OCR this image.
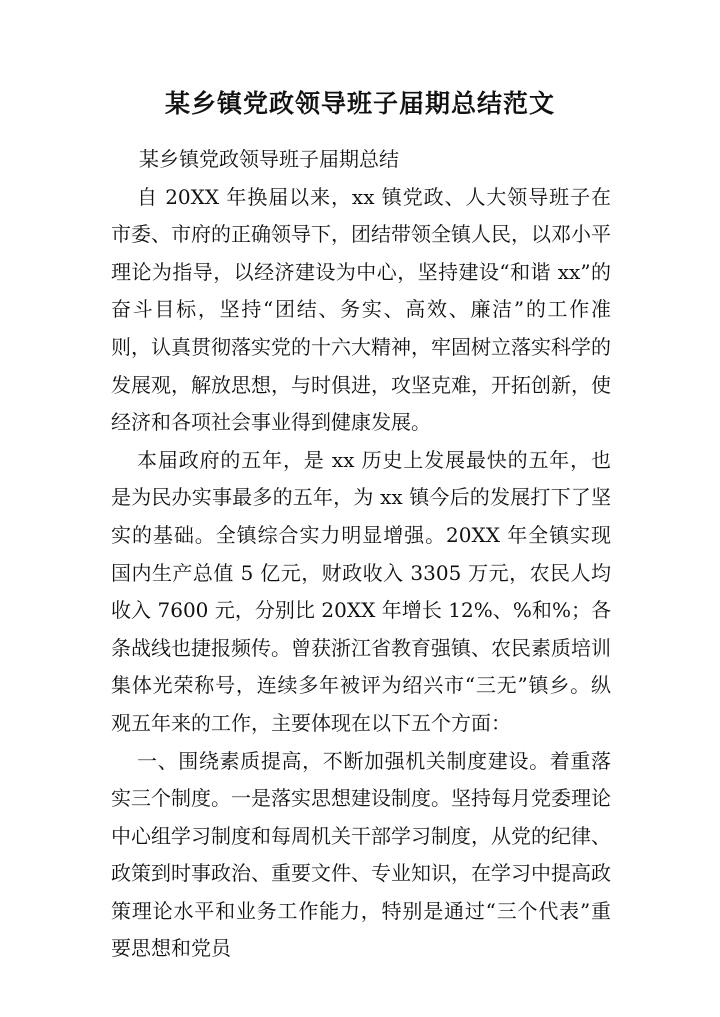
某乡镇党政领导班子届期总结范文

某乡镇党政领导班子届期总结

自 20XX 年换届以来，xx 镇党政、人大领导班子在市委、市府的正确领导下，团结带领全镇人民，以邓小平理论为指导，以经济建设为中心，坚持建设“和谐 xx”的奋斗目标，坚持“团结、务实、高效、廉洁”的工作准则，认真贯彻落实党的十六大精神，牢固树立落实科学的发展观，解放思想，与时俱进，攻坚克难，开拓创新，使经济和各项社会事业得到健康发展。

本届政府的五年，是 xx 历史上发展最快的五年，也是为民办实事最多的五年，为 xx 镇今后的发展打下了坚实的基础。全镇综合实力明显增强。20XX 年全镇实现国内生产总值 5 亿元，财政收入 3305 万元，农民人均收入 7600 元，分别比 20XX 年增长 12%、%和%；各条战线也捷报频传。曾获浙江省教育强镇、农民素质培训集体光荣称号，连续多年被评为绍兴市“三无”镇乡。纵观五年来的工作，主要体现在以下五个方面：

一、围绕素质提高，不断加强机关制度建设。着重落实三个制度。一是落实思想建设制度。坚持每月党委理论中心组学习制度和每周机关干部学习制度，从党的纪律、政策到时事政治、重要文件、专业知识，在学习中提高政策理论水平和业务工作能力，特别是通过“三个代表”重要思想和党员
